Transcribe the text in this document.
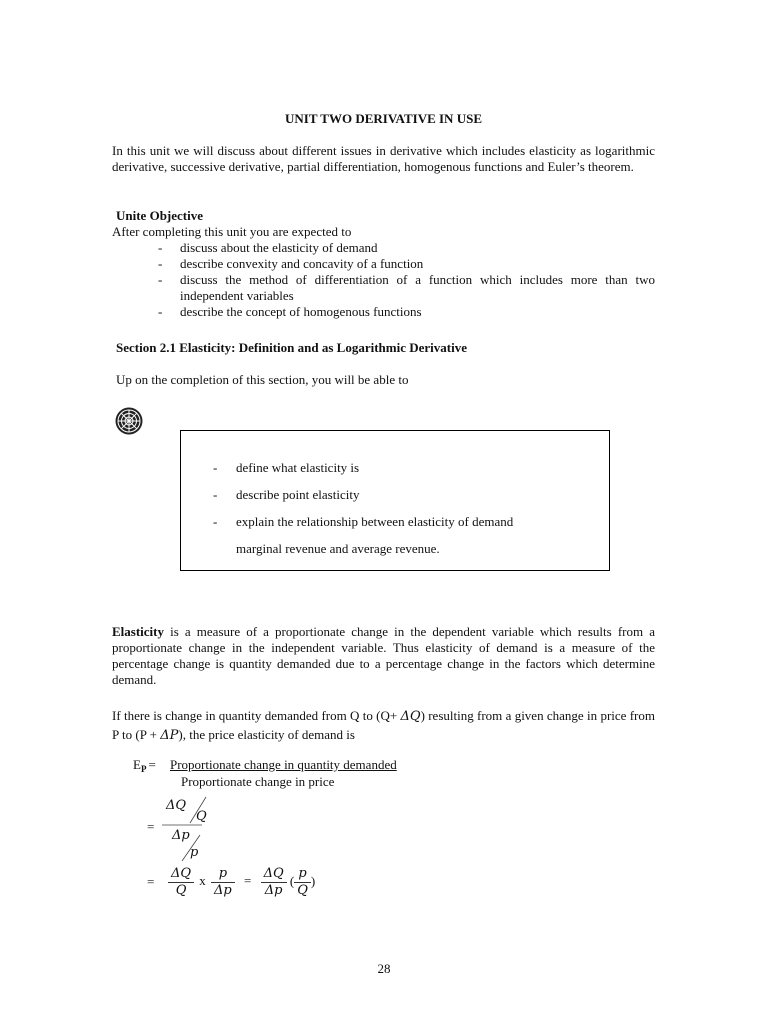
UNIT TWO DERIVATIVE IN USE
In this unit we will discuss about different issues in derivative which includes elasticity as logarithmic derivative, successive derivative, partial differentiation, homogenous functions and Euler’s theorem.
Unite Objective
After completing this unit you are expected to
- discuss about the elasticity of demand
- describe convexity and concavity of a function
- discuss the method of differentiation of a function which includes more than two independent variables
- describe the concept of homogenous functions
Section 2.1 Elasticity: Definition and as Logarithmic Derivative
Up on the completion of this section, you will be able to
- define what elasticity is
- describe point elasticity
- explain the relationship between elasticity of demand
marginal revenue and average revenue.
Elasticity is a measure of a proportionate change in the dependent variable which results from a proportionate change in the independent variable. Thus elasticity of demand is a measure of the percentage change is quantity demanded due to a percentage change in the factors which determine demand.
If there is change in quantity demanded from Q to (Q+ ΔQ) resulting from a given change in price from P to (P + ΔP), the price elasticity of demand is
$E_P$ = Proportionate change in quantity demanded
Proportionate change in price
=
ΔQ
Q
Δp
p
= $\frac{\Delta Q}{Q}$ x $\frac{p}{\Delta p} = \frac{\Delta Q}{\Delta p}$ ( $\frac{p}{Q}$ )
28
